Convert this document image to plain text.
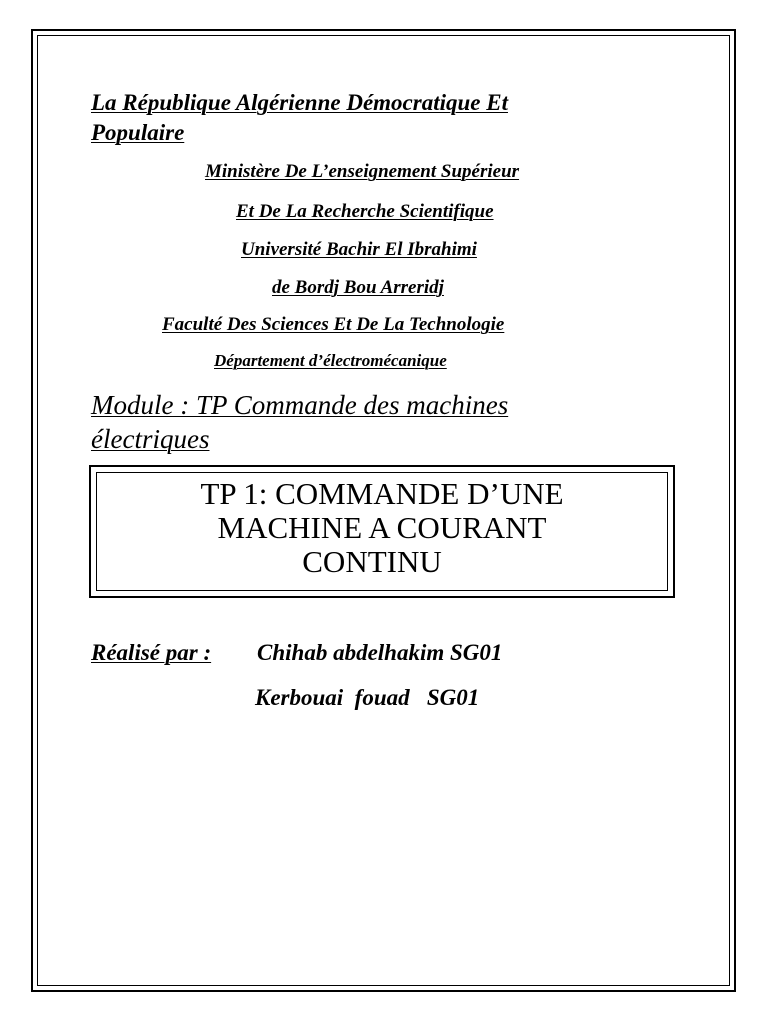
La République Algérienne Démocratique Et
Populaire
Ministère De L’enseignement Supérieur
Et De La Recherche Scientifique
Université Bachir El Ibrahimi
de Bordj Bou Arreridj
Faculté Des Sciences Et De La Technologie
Département d’électromécanique
Module : TP Commande des machines
électriques
TP 1: COMMANDE D’UNE
MACHINE A COURANT
CONTINU
Réalisé par : Chihab abdelhakim SG01
Kerbouai  fouad   SG01
